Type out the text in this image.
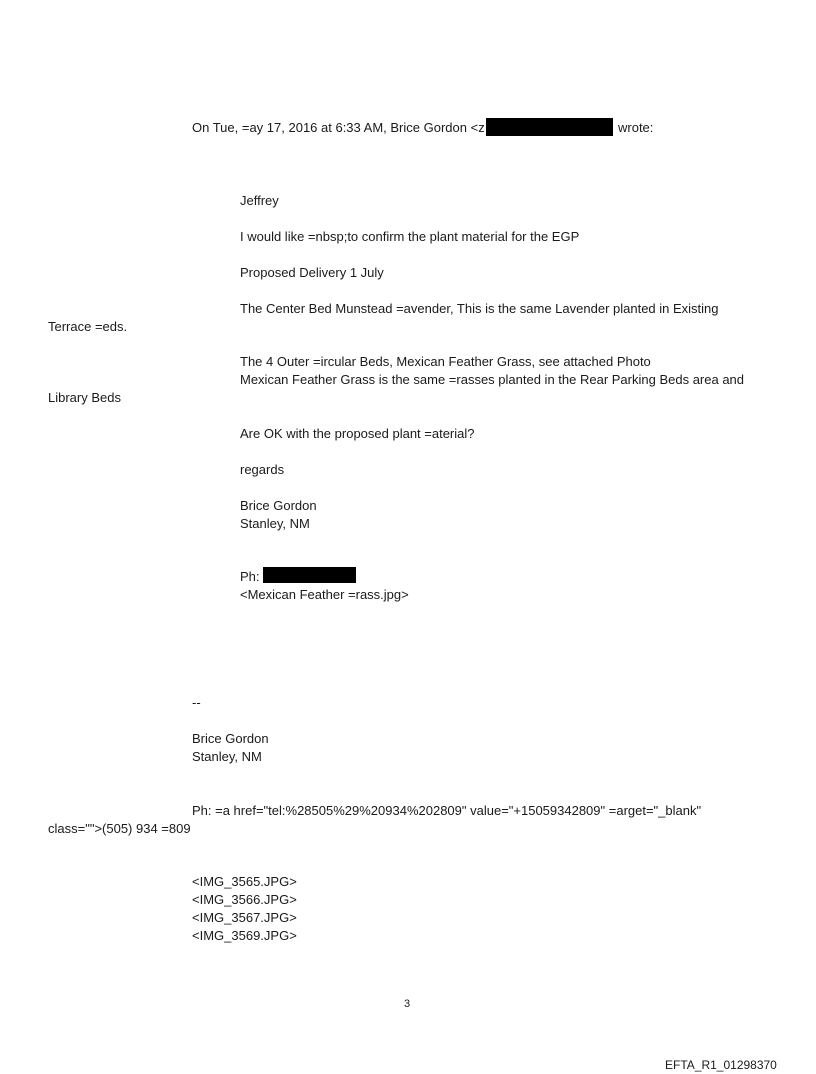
On Tue, =ay 17, 2016 at 6:33 AM, Brice Gordon <z	wrote:

Jeffrey

I would like =nbsp;to confirm the plant material for the EGP

Proposed Delivery 1 July

The Center Bed Munstead =avender, This is the same Lavender planted in Existing

Terrace =eds.

The 4 Outer =ircular Beds, Mexican Feather Grass, see attached Photo

Mexican Feather Grass is the same =rasses planted in the Rear Parking Beds area and

Library Beds

Are OK with the proposed plant =aterial?

regards

Brice Gordon

Stanley, NM

Ph:

<Mexican Feather =rass.jpg>

--

Brice Gordon

Stanley, NM

Ph: =a href="tel:%28505%29%20934%202809" value="+15059342809" =arget="_blank"

class="">(505) 934 =809

<IMG_3565.JPG>

<IMG_3566.JPG>

<IMG_3567.JPG>

<IMG_3569.JPG>

3

EFTA_R1_01298370
